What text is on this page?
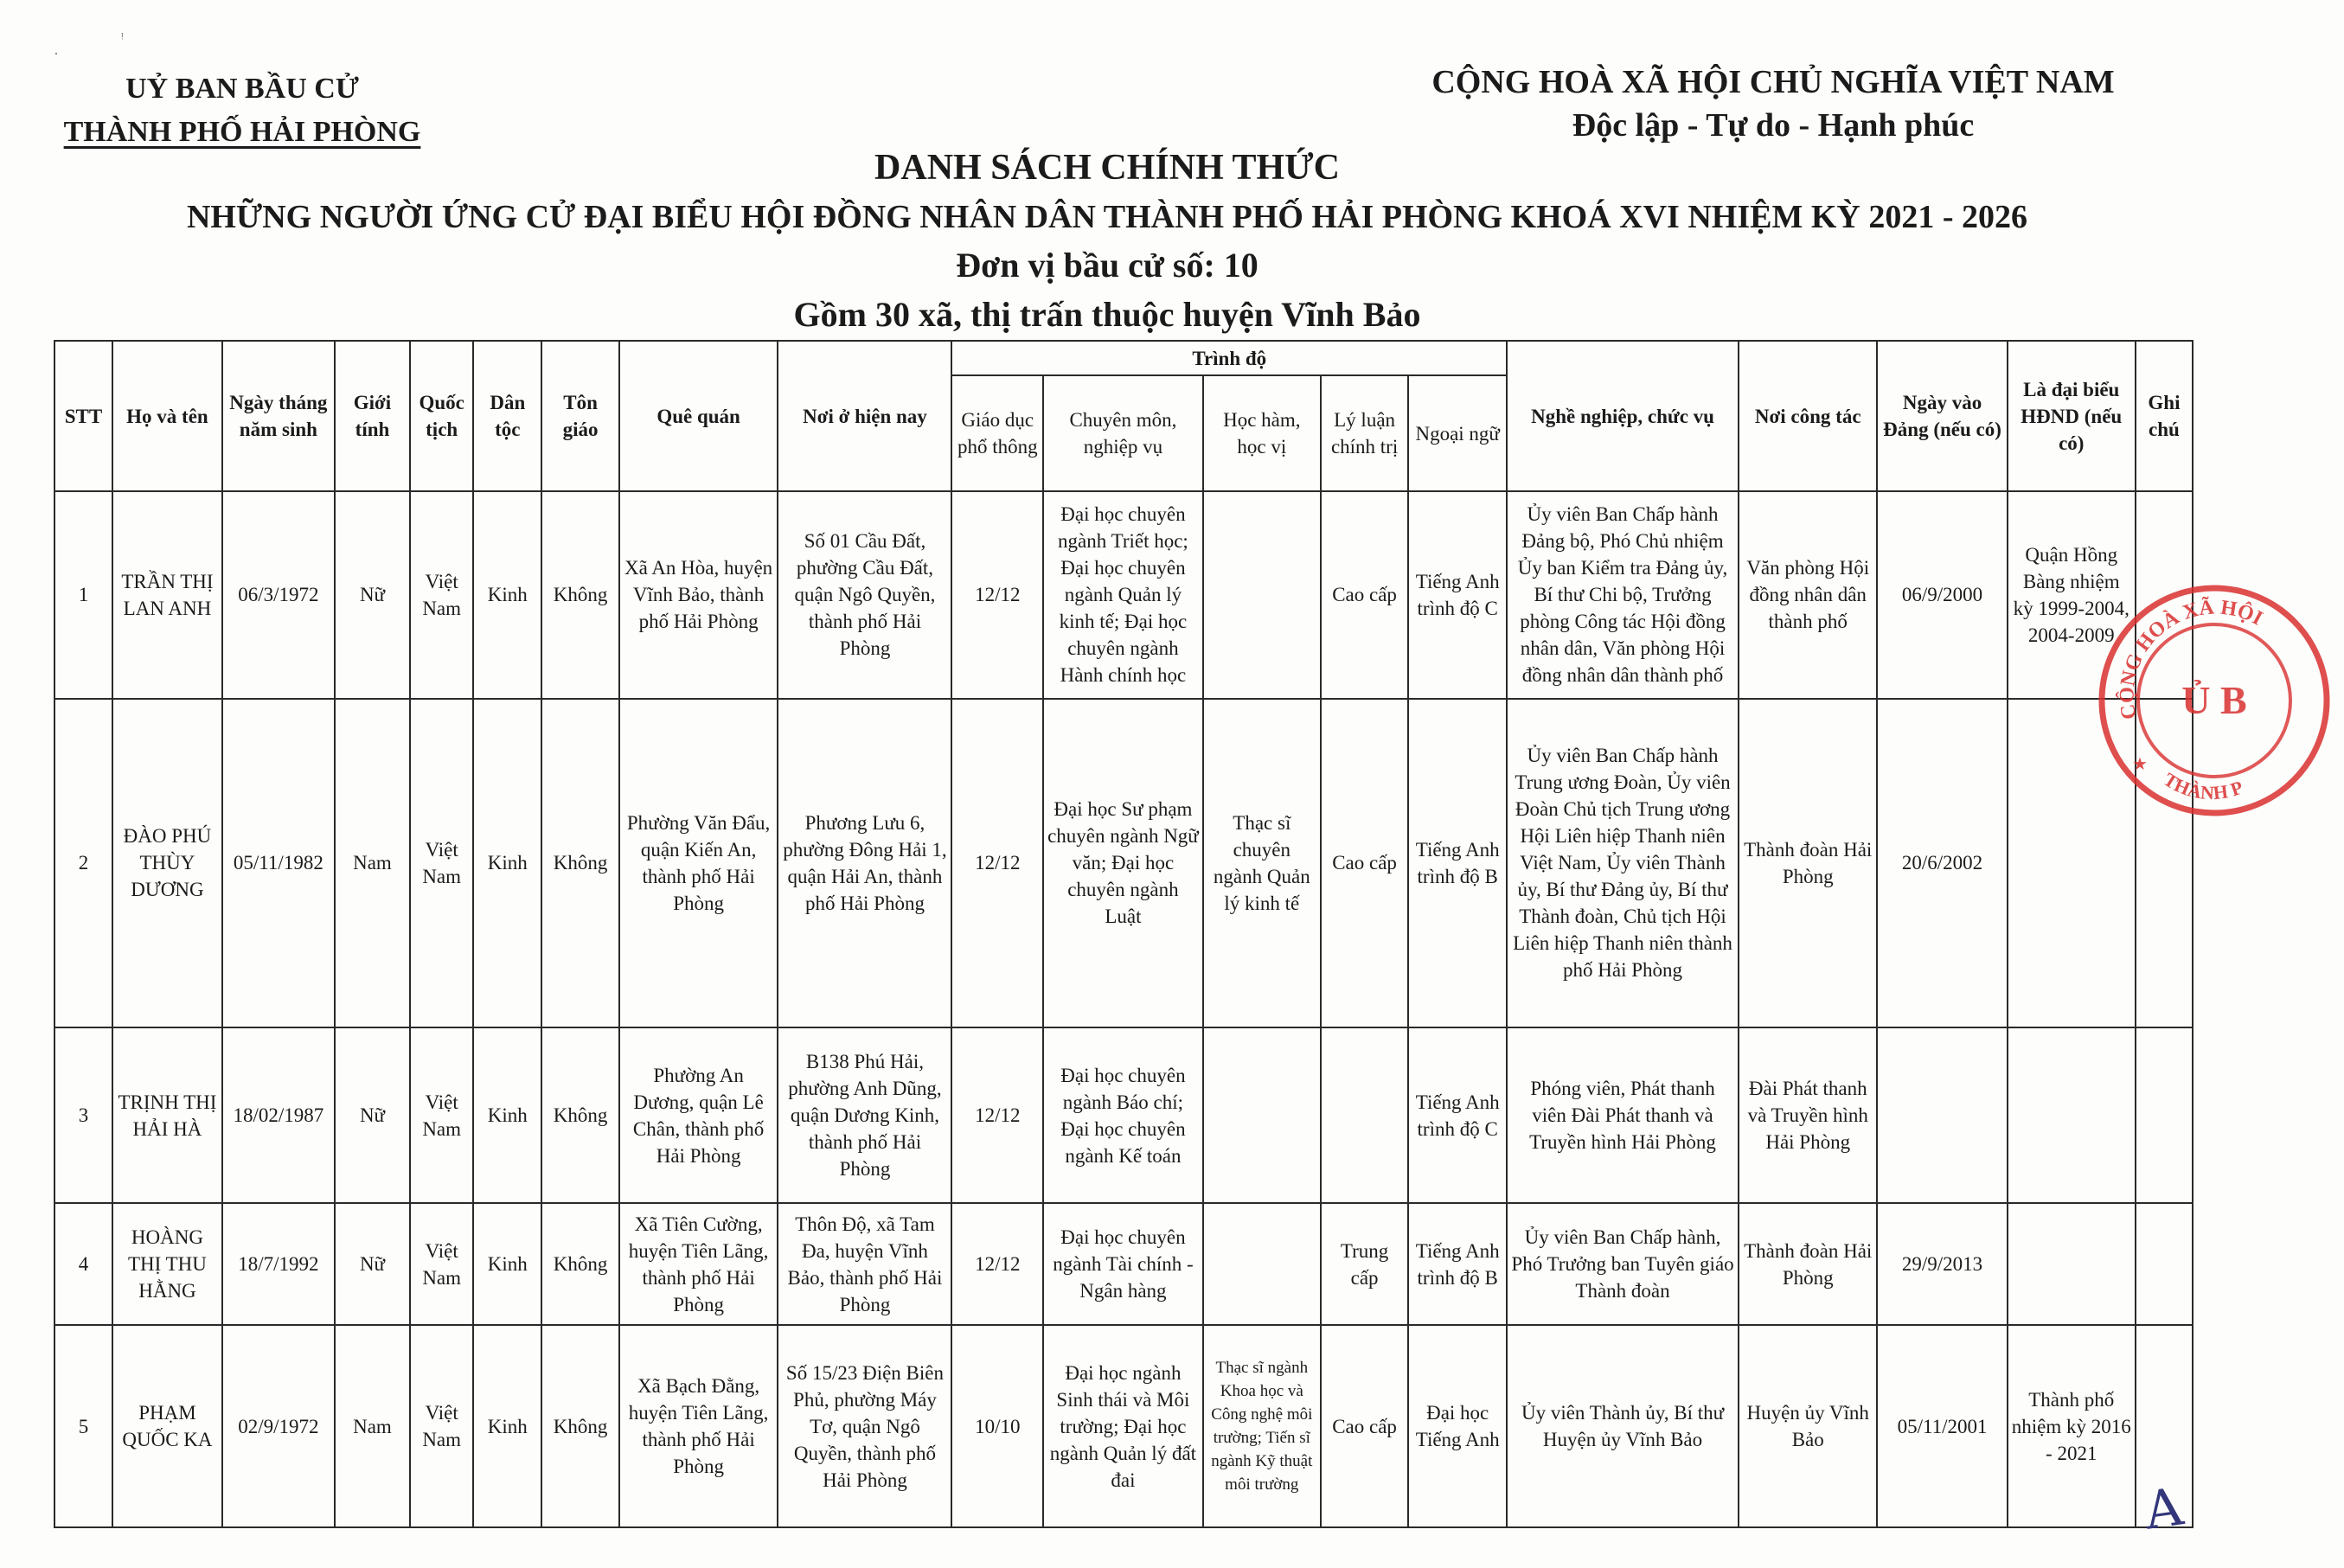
ᵎ
·
UỶ BAN BẦU CỬ
THÀNH PHỐ HẢI PHÒNG
CỘNG HOÀ XÃ HỘI CHỦ NGHĨA VIỆT NAM
Độc lập - Tự do - Hạnh phúc
DANH SÁCH CHÍNH THỨC
NHỮNG NGƯỜI ỨNG CỬ ĐẠI BIỂU HỘI ĐỒNG NHÂN DÂN THÀNH PHỐ HẢI PHÒNG KHOÁ XVI NHIỆM KỲ 2021 - 2026
Đơn vị bầu cử số: 10
Gồm 30 xã, thị trấn thuộc huyện Vĩnh Bảo
STT	Họ và tên	Ngày tháng năm sinh	Giới tính	Quốc tịch	Dân tộc	Tôn giáo	Quê quán	Nơi ở hiện nay	Trình độ					Nghề nghiệp, chức vụ	Nơi công tác	Ngày vào Đảng (nếu có)	Là đại biểu HĐND (nếu có)	Ghi chú
									Giáo dục phổ thông	Chuyên môn, nghiệp vụ	Học hàm, học vị	Lý luận chính trị	Ngoại ngữ					
1	TRẦN THỊ LAN ANH	06/3/1972	Nữ	Việt Nam	Kinh	Không	Xã An Hòa, huyện Vĩnh Bảo, thành phố Hải Phòng	Số 01 Cầu Đất, phường Cầu Đất, quận Ngô Quyền, thành phố Hải Phòng	12/12	Đại học chuyên ngành Triết học; Đại học chuyên ngành Quản lý kinh tế; Đại học chuyên ngành Hành chính học		Cao cấp	Tiếng Anh trình độ C	Ủy viên Ban Chấp hành Đảng bộ, Phó Chủ nhiệm Ủy ban Kiểm tra Đảng ủy, Bí thư Chi bộ, Trưởng phòng Công tác Hội đồng nhân dân, Văn phòng Hội đồng nhân dân thành phố	Văn phòng Hội đồng nhân dân thành phố	06/9/2000	Quận Hồng Bàng nhiệm kỳ 1999-2004, 2004-2009	
2	ĐÀO PHÚ THÙY DƯƠNG	05/11/1982	Nam	Việt Nam	Kinh	Không	Phường Văn Đẩu, quận Kiến An, thành phố Hải Phòng	Phương Lưu 6, phường Đông Hải 1, quận Hải An, thành phố Hải Phòng	12/12	Đại học Sư phạm chuyên ngành Ngữ văn; Đại học chuyên ngành Luật	Thạc sĩ chuyên ngành Quản lý kinh tế	Cao cấp	Tiếng Anh trình độ B	Ủy viên Ban Chấp hành Trung ương Đoàn, Ủy viên Đoàn Chủ tịch Trung ương Hội Liên hiệp Thanh niên Việt Nam, Ủy viên Thành ủy, Bí thư Đảng ủy, Bí thư Thành đoàn, Chủ tịch Hội Liên hiệp Thanh niên thành phố Hải Phòng	Thành đoàn Hải Phòng	20/6/2002		
3	TRỊNH THỊ HẢI HÀ	18/02/1987	Nữ	Việt Nam	Kinh	Không	Phường An Dương, quận Lê Chân, thành phố Hải Phòng	B138 Phú Hải, phường Anh Dũng, quận Dương Kinh, thành phố Hải Phòng	12/12	Đại học chuyên ngành Báo chí; Đại học chuyên ngành Kế toán			Tiếng Anh trình độ C	Phóng viên, Phát thanh viên Đài Phát thanh và Truyền hình Hải Phòng	Đài Phát thanh và Truyền hình Hải Phòng			
4	HOÀNG THỊ THU HẰNG	18/7/1992	Nữ	Việt Nam	Kinh	Không	Xã Tiên Cường, huyện Tiên Lãng, thành phố Hải Phòng	Thôn Độ, xã Tam Đa, huyện Vĩnh Bảo, thành phố Hải Phòng	12/12	Đại học chuyên ngành Tài chính - Ngân hàng		Trung cấp	Tiếng Anh trình độ B	Ủy viên Ban Chấp hành, Phó Trưởng ban Tuyên giáo Thành đoàn	Thành đoàn Hải Phòng	29/9/2013		
5	PHẠM QUỐC KA	02/9/1972	Nam	Việt Nam	Kinh	Không	Xã Bạch Đằng, huyện Tiên Lãng, thành phố Hải Phòng	Số 15/23 Điện Biên Phủ, phường Máy Tơ, quận Ngô Quyền, thành phố Hải Phòng	10/10	Đại học ngành Sinh thái và Môi trường; Đại học ngành Quản lý đất đai	Thạc sĩ ngành Khoa học và Công nghệ môi trường; Tiến sĩ ngành Kỹ thuật môi trường	Cao cấp	Đại học Tiếng Anh	Ủy viên Thành ủy, Bí thư Huyện ủy Vĩnh Bảo	Huyện ủy Vĩnh Bảo	05/11/2001	Thành phố nhiệm kỳ 2016 - 2021	
CỘNG HOÀ XÃ HỘI
THÀNH P
Ủ B
★
A
